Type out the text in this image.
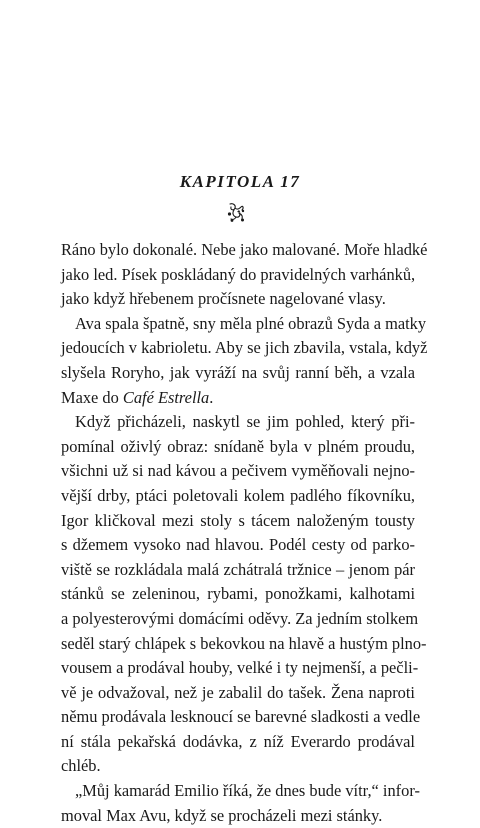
KAPITOLA 17

Ráno bylo dokonalé. Nebe jako malované. Moře hladké
jako led. Písek poskládaný do pravidelných varhánků,
jako když hřebenem pročísnete nagelované vlasy.

Ava spala špatně, sny měla plné obrazů Syda a matky
jedoucích v kabrioletu. Aby se jich zbavila, vstala, když
slyšela Roryho, jak vyráží na svůj ranní běh, a vzala
Maxe do Café Estrella.

Když přicházeli, naskytl se jim pohled, který při-
pomínal oživlý obraz: snídaně byla v plném proudu,
všichni už si nad kávou a pečivem vyměňovali nejno-
vější drby, ptáci poletovali kolem padlého fíkovníku,
Igor kličkoval mezi stoly s tácem naloženým tousty
s džemem vysoko nad hlavou. Podél cesty od parko-
viště se rozkládala malá zchátralá tržnice – jenom pár
stánků se zeleninou, rybami, ponožkami, kalhotami
a polyesterovými domácími oděvy. Za jedním stolkem
seděl starý chlápek s bekovkou na hlavě a hustým plno-
vousem a prodával houby, velké i ty nejmenší, a pečli-
vě je odvažoval, než je zabalil do tašek. Žena naproti
němu prodávala lesknoucí se barevné sladkosti a vedle
ní stála pekařská dodávka, z níž Everardo prodával
chléb.

„Můj kamarád Emilio říká, že dnes bude vítr,“ infor-
moval Max Avu, když se procházeli mezi stánky.
